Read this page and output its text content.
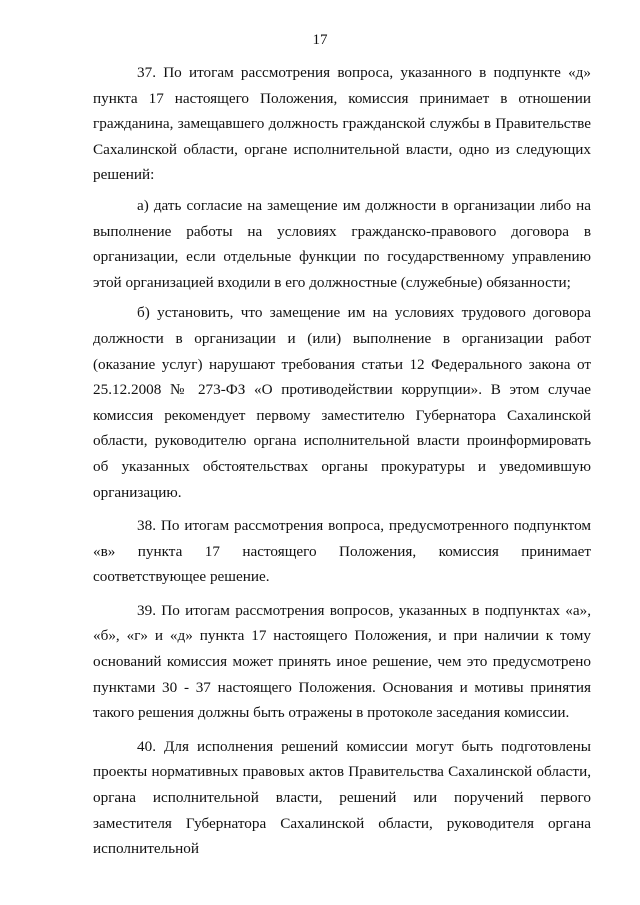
17

37. По итогам рассмотрения вопроса, указанного в подпункте «д» пункта 17 настоящего Положения, комиссия принимает в отношении гражданина, замещавшего должность гражданской службы в Правительстве Сахалинской области, органе исполнительной власти, одно из следующих решений:

а) дать согласие на замещение им должности в организации либо на выполнение работы на условиях гражданско-правового договора в организации, если отдельные функции по государственному управлению этой организацией входили в его должностные (служебные) обязанности;

б) установить, что замещение им на условиях трудового договора должности в организации и (или) выполнение в организации работ (оказание услуг) нарушают требования статьи 12 Федерального закона от 25.12.2008 № 273-ФЗ «О противодействии коррупции». В этом случае комиссия рекомендует первому заместителю Губернатора Сахалинской области, руководителю органа исполнительной власти проинформировать об указанных обстоятельствах органы прокуратуры и уведомившую организацию.

38. По итогам рассмотрения вопроса, предусмотренного подпунктом «в» пункта 17 настоящего Положения, комиссия принимает соответствующее решение.

39. По итогам рассмотрения вопросов, указанных в подпунктах «а», «б», «г» и «д» пункта 17 настоящего Положения, и при наличии к тому оснований комиссия может принять иное решение, чем это предусмотрено пунктами 30 - 37 настоящего Положения. Основания и мотивы принятия такого решения должны быть отражены в протоколе заседания комиссии.

40. Для исполнения решений комиссии могут быть подготовлены проекты нормативных правовых актов Правительства Сахалинской области, органа исполнительной власти, решений или поручений первого заместителя Губернатора Сахалинской области, руководителя органа исполнительной
